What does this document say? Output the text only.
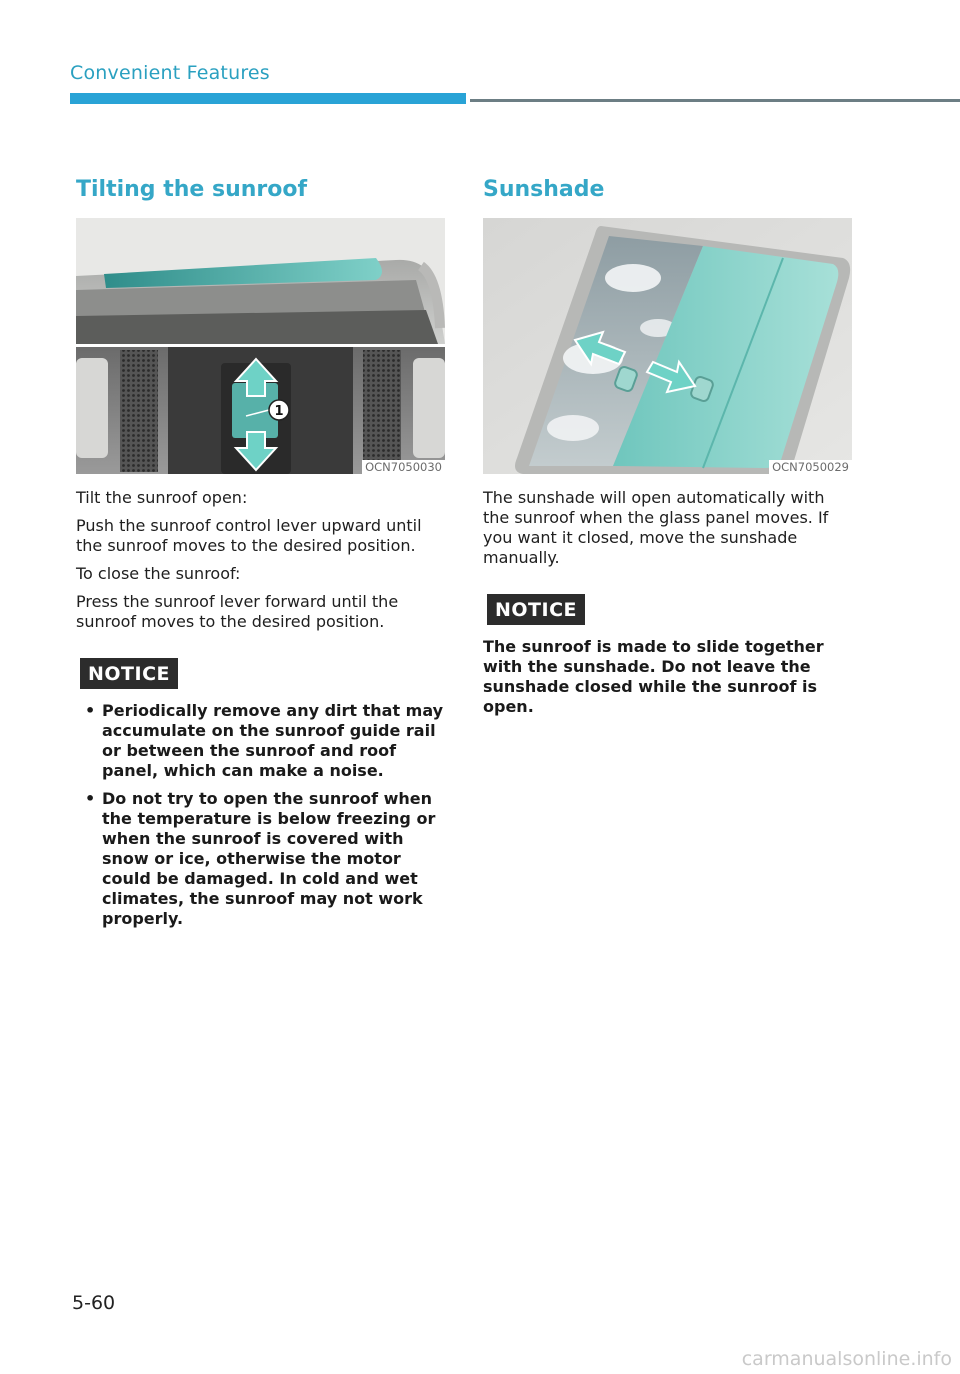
Convenient Features
Tilting the sunroof
1
OCN7050030

Tilt the sunroof open:

Push the sunroof control lever upward until the sunroof moves to the desired position.

To close the sunroof:

Press the sunroof lever forward until the sunroof moves to the desired position.

NOTICE
• Periodically remove any dirt that may accumulate on the sunroof guide rail or between the sunroof and roof panel, which can make a noise.
• Do not try to open the sunroof when the temperature is below freezing or when the sunroof is covered with snow or ice, otherwise the motor could be damaged. In cold and wet climates, the sunroof may not work properly.
Sunshade
OCN7050029

The sunshade will open automatically with the sunroof when the glass panel moves. If you want it closed, move the sunshade manually.

NOTICE

The sunroof is made to slide together with the sunshade. Do not leave the sunshade closed while the sunroof is open.

5-60
carmanualsonline.info
